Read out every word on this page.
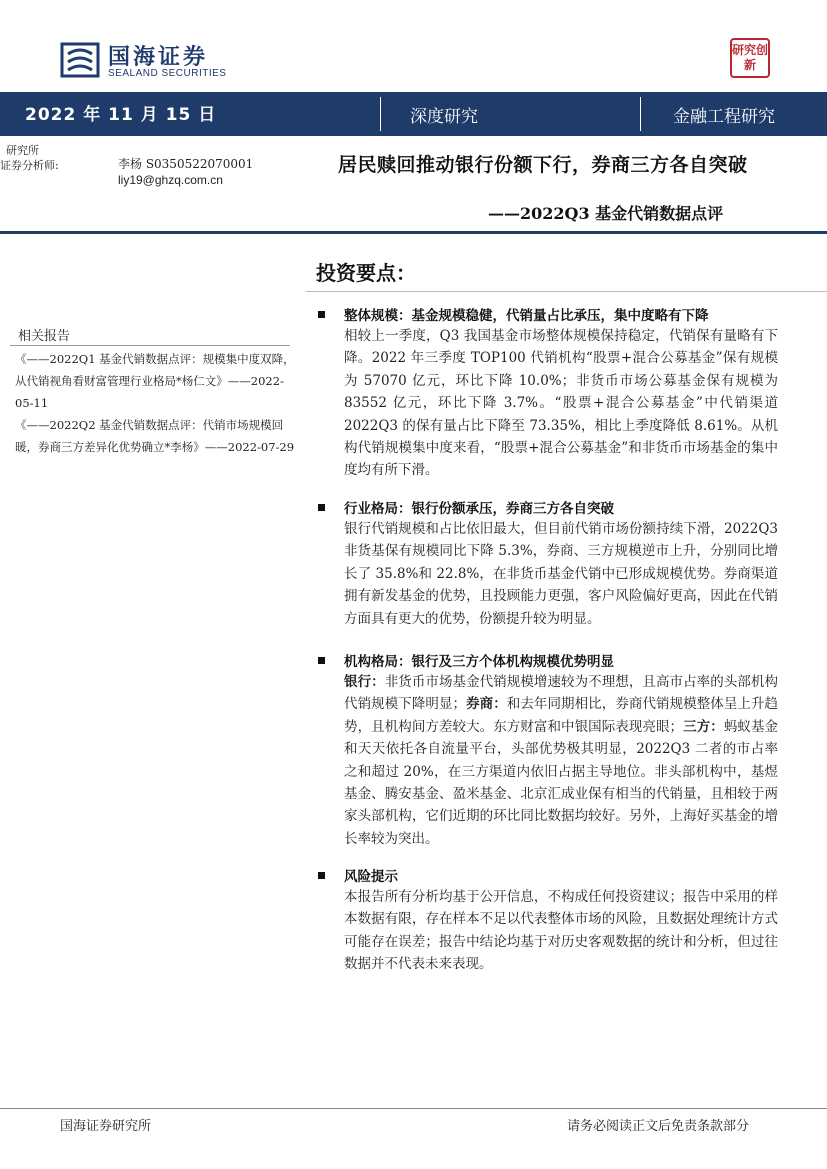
国海证券
SEALAND SECURITIES
研究创新
2022 年 11 月 15 日	深度研究	金融工程研究
研究所
证券分析师:	李杨 S0350522070001
liy19@ghzq.com.cn
居民赎回推动银行份额下行，券商三方各自突破
——2022Q3 基金代销数据点评
相关报告
《——2022Q1 基金代销数据点评：规模集中度双降，从代销视角看财富管理行业格局*杨仁文》——2022-05-11
《——2022Q2 基金代销数据点评：代销市场规模回暖，券商三方差异化优势确立*李杨》——2022-07-29
投资要点：
整体规模：基金规模稳健，代销量占比承压，集中度略有下降
相较上一季度，Q3 我国基金市场整体规模保持稳定，代销保有量略有下降。2022 年三季度 TOP100 代销机构“股票+混合公募基金”保有规模为 57070 亿元，环比下降 10.0%；非货币市场公募基金保有规模为 83552 亿元，环比下降 3.7%。“股票+混合公募基金”中代销渠道 2022Q3 的保有量占比下降至 73.35%，相比上季度降低 8.61%。从机构代销规模集中度来看，“股票+混合公募基金”和非货币市场基金的集中度均有所下滑。
行业格局：银行份额承压，券商三方各自突破
银行代销规模和占比依旧最大，但目前代销市场份额持续下滑，2022Q3 非货基保有规模同比下降 5.3%，券商、三方规模逆市上升，分别同比增长了 35.8%和 22.8%，在非货币基金代销中已形成规模优势。券商渠道拥有新发基金的优势，且投顾能力更强，客户风险偏好更高，因此在代销方面具有更大的优势，份额提升较为明显。
机构格局：银行及三方个体机构规模优势明显
银行：非货币市场基金代销规模增速较为不理想，且高市占率的头部机构代销规模下降明显；券商：和去年同期相比，券商代销规模整体呈上升趋势，且机构间方差较大。东方财富和中银国际表现亮眼；三方：蚂蚁基金和天天依托各自流量平台，头部优势极其明显，2022Q3 二者的市占率之和超过 20%，在三方渠道内依旧占据主导地位。非头部机构中，基煜基金、腾安基金、盈米基金、北京汇成业保有相当的代销量，且相较于两家头部机构，它们近期的环比同比数据均较好。另外，上海好买基金的增长率较为突出。
风险提示
本报告所有分析均基于公开信息，不构成任何投资建议；报告中采用的样本数据有限，存在样本不足以代表整体市场的风险，且数据处理统计方式可能存在误差；报告中结论均基于对历史客观数据的统计和分析，但过往数据并不代表未来表现。
国海证券研究所	请务必阅读正文后免责条款部分
